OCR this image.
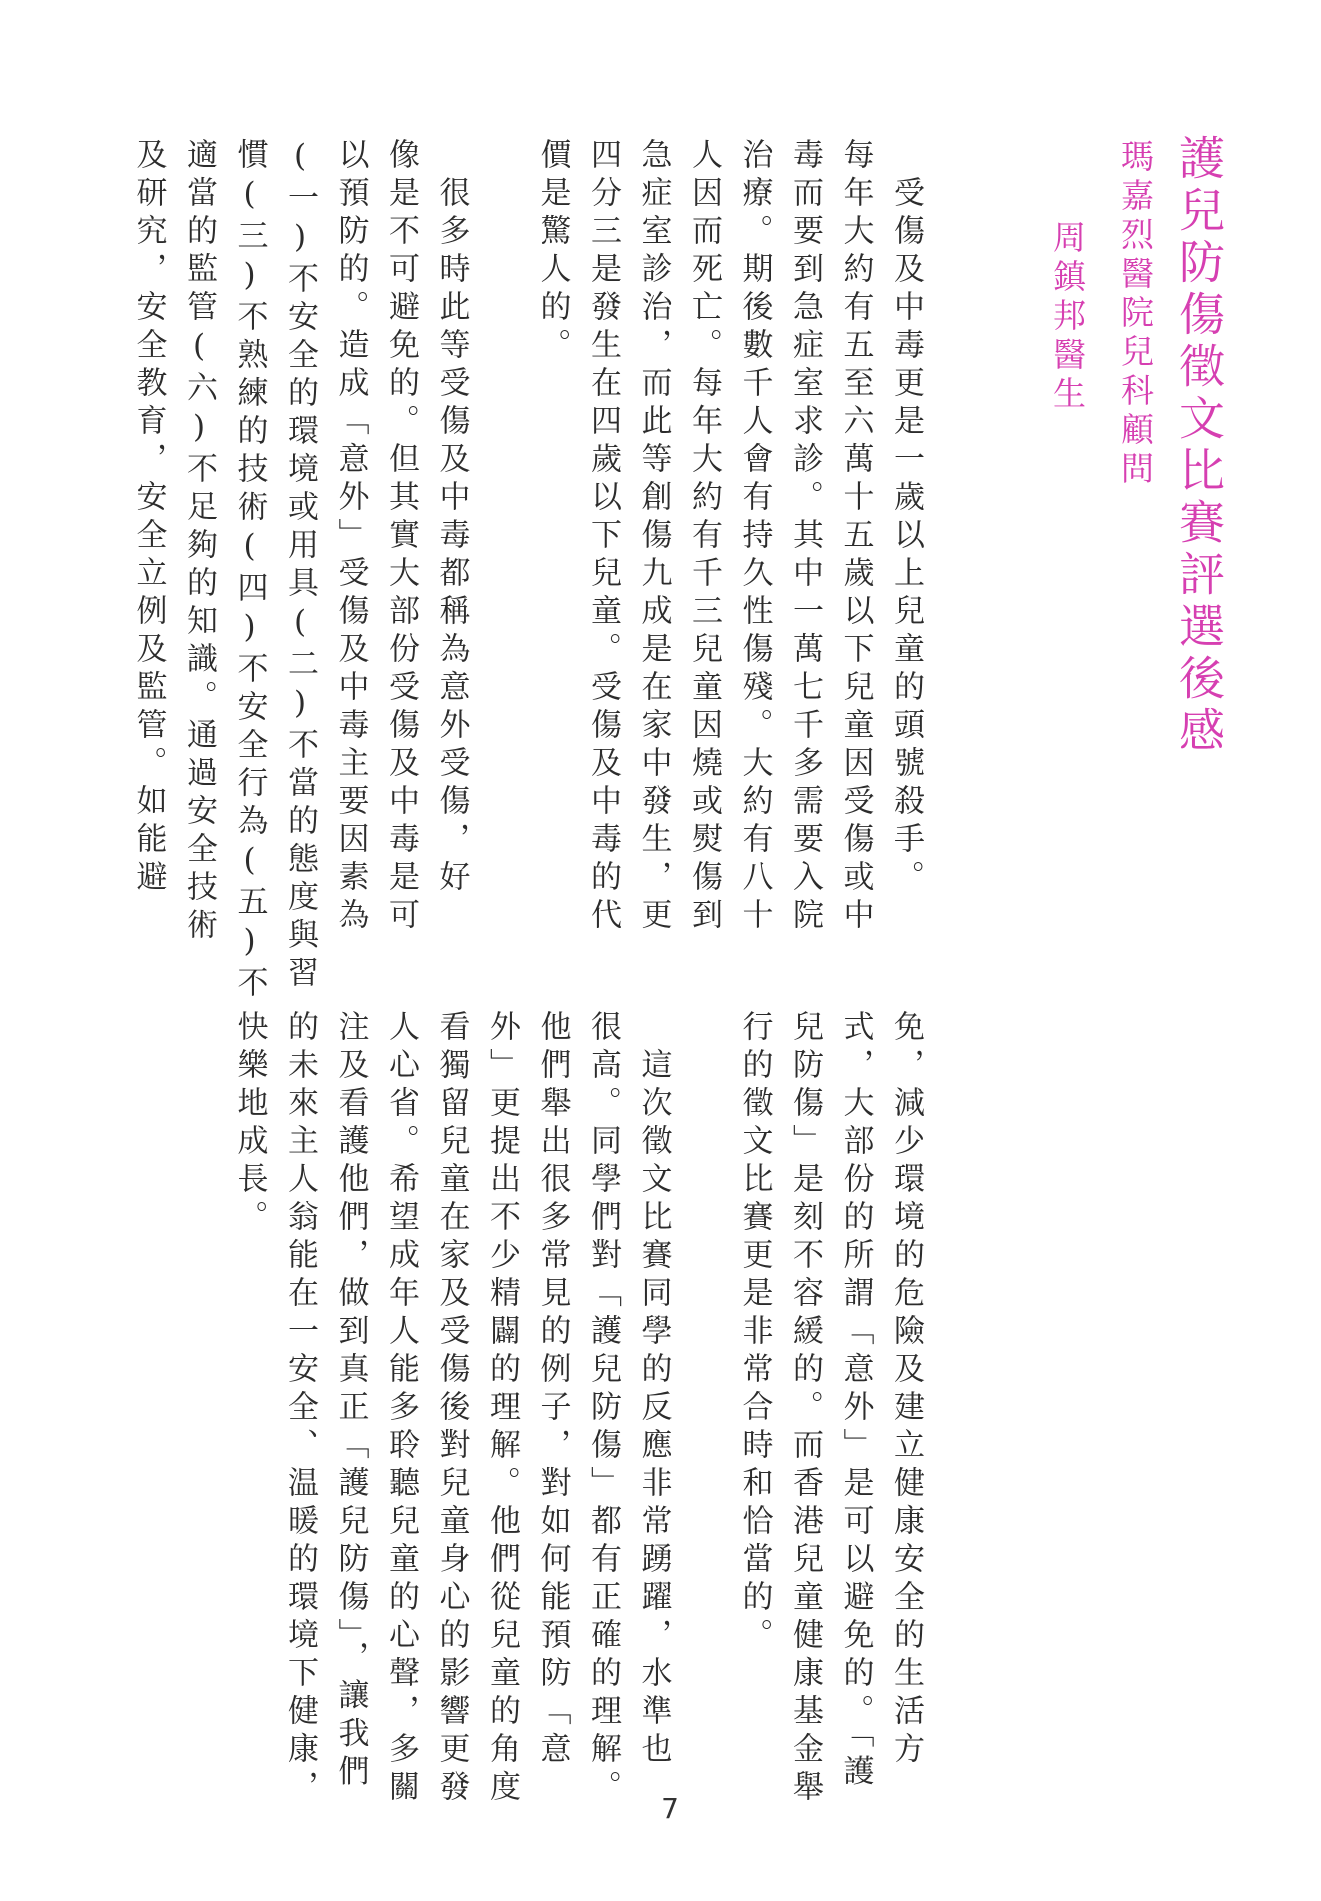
護兒防傷徵文比賽評選後感
瑪嘉烈醫院兒科顧問
周鎮邦醫生
　受傷及中毒更是一歲以上兒童的頭號殺手。
每年大約有五至六萬十五歲以下兒童因受傷或中
毒而要到急症室求診。其中一萬七千多需要入院
治療。期後數千人會有持久性傷殘。大約有八十
人因而死亡。每年大約有千三兒童因燒或熨傷到
急症室診治，而此等創傷九成是在家中發生，更
四分三是發生在四歲以下兒童。受傷及中毒的代
價是驚人的。
　很多時此等受傷及中毒都稱為意外受傷，好
像是不可避免的。但其實大部份受傷及中毒是可
以預防的。造成「意外」受傷及中毒主要因素為
(一)不安全的環境或用具(二)不當的態度與習
慣(三)不熟練的技術(四)不安全行為(五)不
適當的監管(六)不足夠的知識。通過安全技術
及研究，安全教育，安全立例及監管。如能避
免，減少環境的危險及建立健康安全的生活方
式，大部份的所謂「意外」是可以避免的。「護
兒防傷」是刻不容緩的。而香港兒童健康基金舉
行的徵文比賽更是非常合時和恰當的。
　這次徵文比賽同學的反應非常踴躍，水準也
很高。同學們對「護兒防傷」都有正確的理解。
他們舉出很多常見的例子，對如何能預防「意
外」更提出不少精闢的理解。他們從兒童的角度
看獨留兒童在家及受傷後對兒童身心的影響更發
人心省。希望成年人能多聆聽兒童的心聲，多關
注及看護他們，做到真正「護兒防傷」，讓我們
的未來主人翁能在一安全、温暖的環境下健康，
快樂地成長。
7
